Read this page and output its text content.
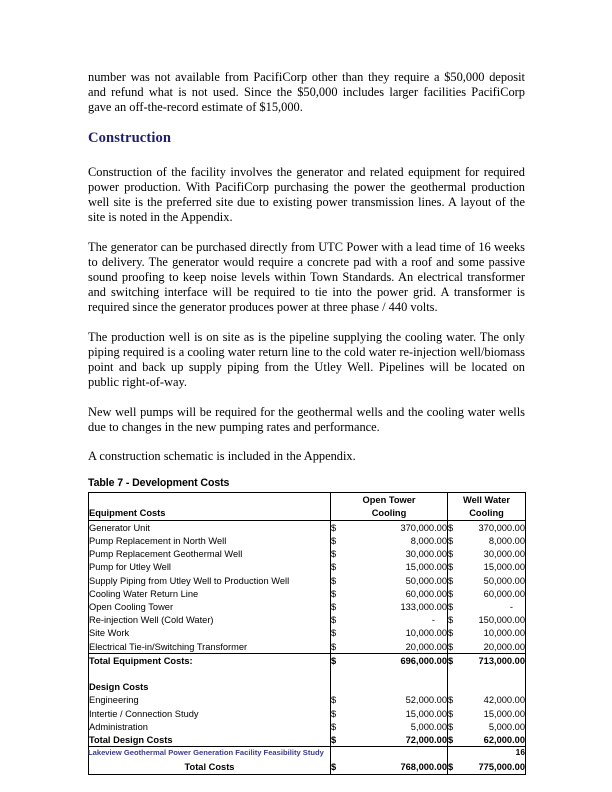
number was not available from PacifiCorp other than they require a $50,000 deposit and refund what is not used. Since the $50,000 includes larger facilities PacifiCorp gave an off-the-record estimate of $15,000.

Construction

Construction of the facility involves the generator and related equipment for required power production. With PacifiCorp purchasing the power the geothermal production well site is the preferred site due to existing power transmission lines. A layout of the site is noted in the Appendix.

The generator can be purchased directly from UTC Power with a lead time of 16 weeks to delivery. The generator would require a concrete pad with a roof and some passive sound proofing to keep noise levels within Town Standards. An electrical transformer and switching interface will be required to tie into the power grid. A transformer is required since the generator produces power at three phase / 440 volts.

The production well is on site as is the pipeline supplying the cooling water. The only piping required is a cooling water return line to the cold water re-injection well/biomass point and back up supply piping from the Utley Well. Pipelines will be located on public right-of-way.

New well pumps will be required for the geothermal wells and the cooling water wells due to changes in the new pumping rates and performance.

A construction schematic is included in the Appendix.

Table 7 - Development Costs
	Open Tower		Well Water	
Equipment Costs	Cooling		Cooling	
Generator Unit	$	370,000.00	$	370,000.00
Pump Replacement in North Well	$	8,000.00	$	8,000.00
Pump Replacement Geothermal Well	$	30,000.00	$	30,000.00
Pump for Utley Well	$	15,000.00	$	15,000.00
Supply Piping from Utley Well to Production Well	$	50,000.00	$	50,000.00
Cooling Water Return Line	$	60,000.00	$	60,000.00
Open Cooling Tower	$	133,000.00	$	-
Re-injection Well (Cold Water)	$	-	$	150,000.00
Site Work	$	10,000.00	$	10,000.00
Electrical Tie-in/Switching Transformer	$	20,000.00	$	20,000.00
Total Equipment Costs:	$	696,000.00	$	713,000.00

Design Costs				
Engineering	$	52,000.00	$	42,000.00
Intertie / Connection Study	$	15,000.00	$	15,000.00
Administration	$	5,000.00	$	5,000.00
Total Design Costs	$	72,000.00	$	62,000.00

Total Costs	$	768,000.00	$	775,000.00
Lakeview Geothermal Power Generation Facility Feasibility Study	16
